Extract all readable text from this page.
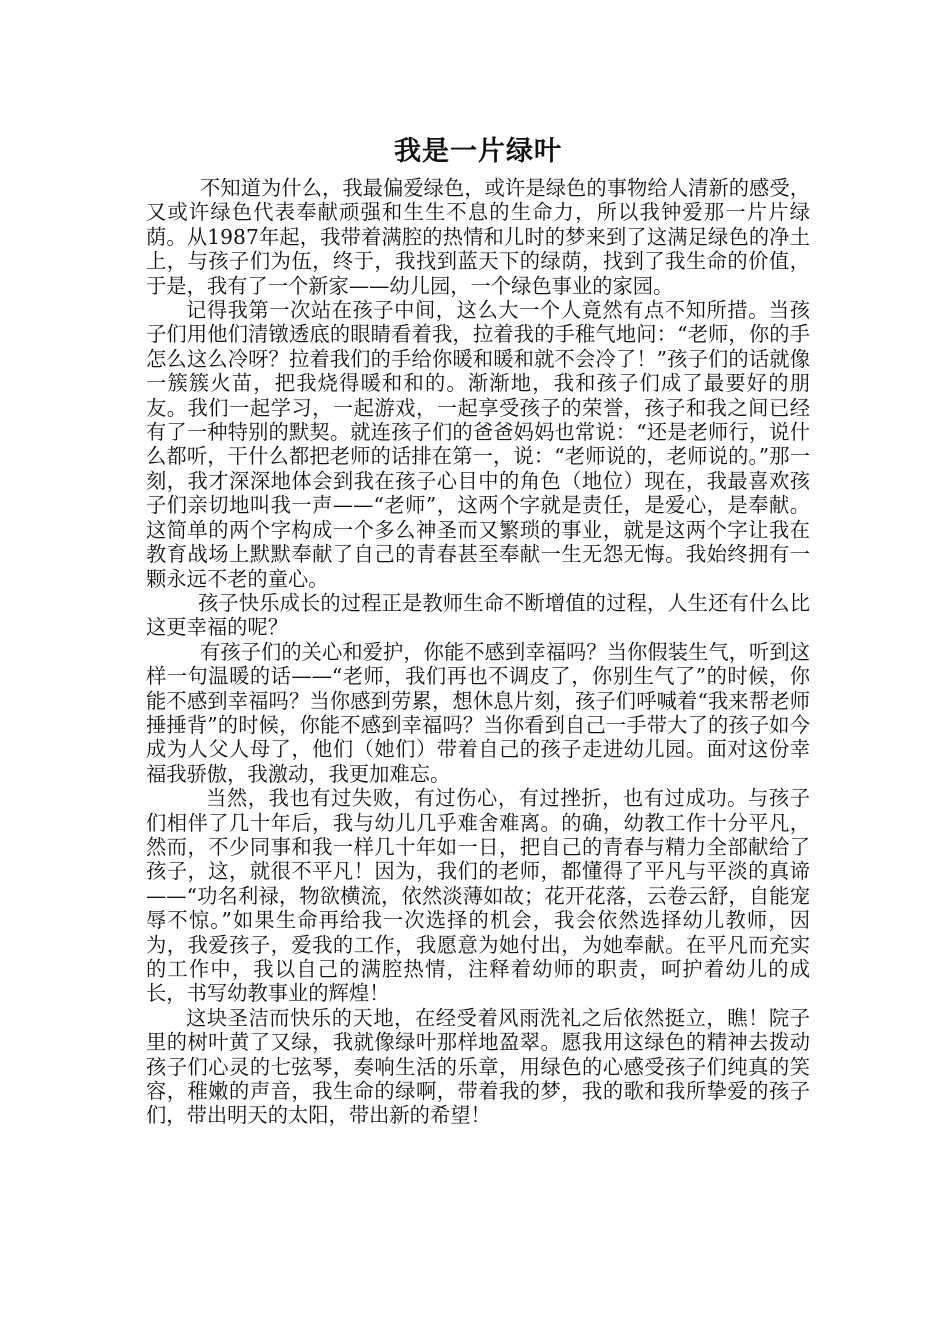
我是一片绿叶

不知道为什么，我最偏爱绿色，或许是绿色的事物给人清新的感受，又或许绿色代表奉献顽强和生生不息的生命力，所以我钟爱那一片片绿荫。从1987年起，我带着满腔的热情和儿时的梦来到了这满足绿色的净土上，与孩子们为伍，终于，我找到蓝天下的绿荫，找到了我生命的价值，于是，我有了一个新家——幼儿园，一个绿色事业的家园。

记得我第一次站在孩子中间，这么大一个人竟然有点不知所措。当孩子们用他们清镦透底的眼睛看着我，拉着我的手稚气地问：“老师，你的手怎么这么冷呀？拉着我们的手给你暖和暖和就不会冷了！”孩子们的话就像一簇簇火苗，把我烧得暖和和的。渐渐地，我和孩子们成了最要好的朋友。我们一起学习，一起游戏，一起享受孩子的荣誉，孩子和我之间已经有了一种特别的默契。就连孩子们的爸爸妈妈也常说：“还是老师行，说什么都听，干什么都把老师的话排在第一，说：“老师说的，老师说的。”那一刻，我才深深地体会到我在孩子心目中的角色（地位）现在，我最喜欢孩子们亲切地叫我一声——“老师”，这两个字就是责任，是爱心，是奉献。这简单的两个字构成一个多么神圣而又繁琐的事业，就是这两个字让我在教育战场上默默奉献了自己的青春甚至奉献一生无怨无悔。我始终拥有一颗永远不老的童心。

孩子快乐成长的过程正是教师生命不断增值的过程，人生还有什么比这更幸福的呢？

有孩子们的关心和爱护，你能不感到幸福吗？当你假装生气，听到这样一句温暖的话——“老师，我们再也不调皮了，你别生气了”的时候，你能不感到幸福吗？当你感到劳累，想休息片刻，孩子们呼喊着“我来帮老师捶捶背”的时候，你能不感到幸福吗？当你看到自己一手带大了的孩子如今成为人父人母了，他们（她们）带着自己的孩子走进幼儿园。面对这份幸福我骄傲，我激动，我更加难忘。

当然，我也有过失败，有过伤心，有过挫折，也有过成功。与孩子们相伴了几十年后，我与幼儿几乎难舍难离。的确，幼教工作十分平凡，然而，不少同事和我一样几十年如一日，把自己的青春与精力全部献给了孩子，这，就很不平凡！因为，我们的老师，都懂得了平凡与平淡的真谛——“功名利禄，物欲横流，依然淡薄如故；花开花落，云卷云舒，自能宠辱不惊。”如果生命再给我一次选择的机会，我会依然选择幼儿教师，因为，我爱孩子，爱我的工作，我愿意为她付出，为她奉献。在平凡而充实的工作中，我以自己的满腔热情，注释着幼师的职责，呵护着幼儿的成长，书写幼教事业的辉煌！

这块圣洁而快乐的天地，在经受着风雨洗礼之后依然挺立，瞧！院子里的树叶黄了又绿，我就像绿叶那样地盈翠。愿我用这绿色的精神去拨动孩子们心灵的七弦琴，奏响生活的乐章，用绿色的心感受孩子们纯真的笑容，稚嫩的声音，我生命的绿啊，带着我的梦，我的歌和我所挚爱的孩子们，带出明天的太阳，带出新的希望！
